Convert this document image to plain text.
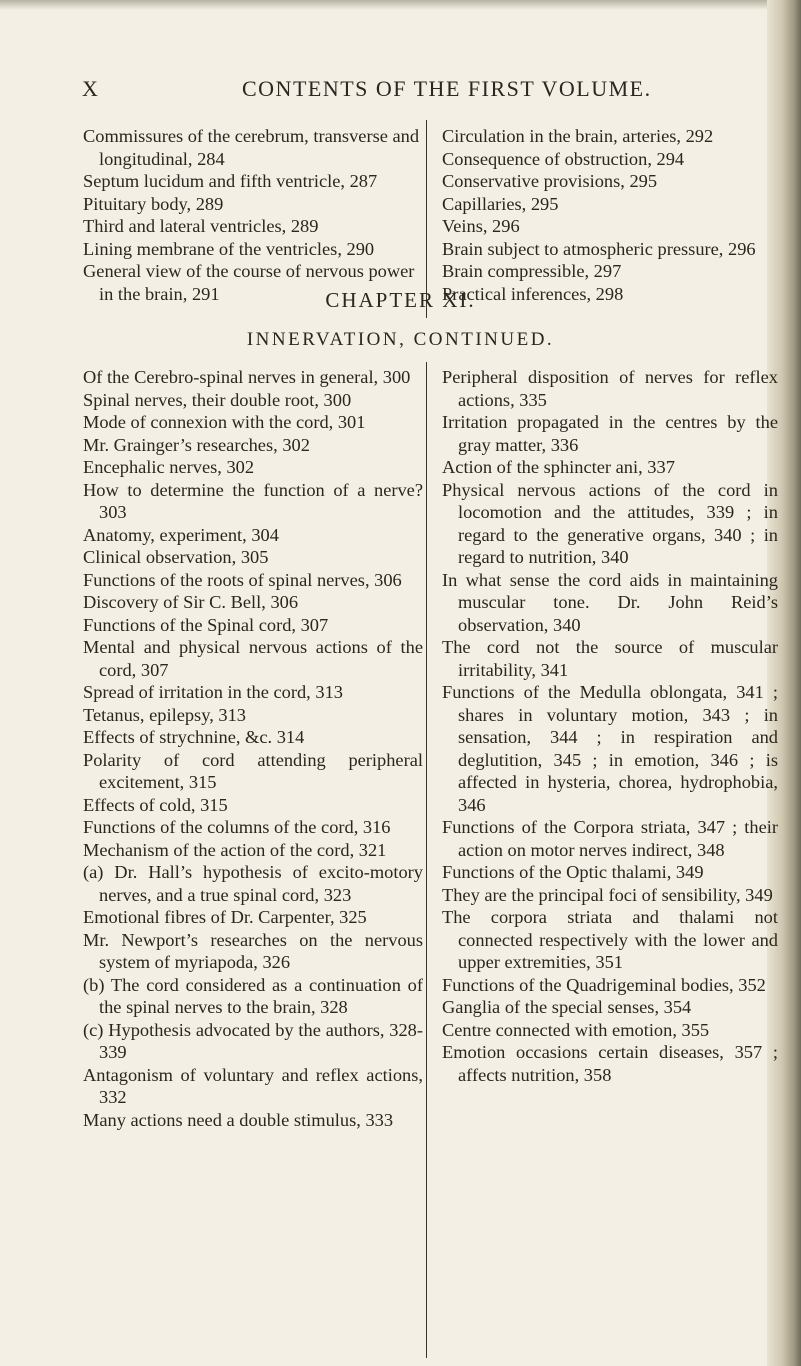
X	CONTENTS OF THE FIRST VOLUME.
Commissures of the cerebrum, transverse and longitudinal, 284
Septum lucidum and fifth ventricle, 287
Pituitary body, 289
Third and lateral ventricles, 289
Lining membrane of the ventricles, 290
General view of the course of nervous power in the brain, 291
Circulation in the brain, arteries, 292
Consequence of obstruction, 294
Conservative provisions, 295
Capillaries, 295
Veins, 296
Brain subject to atmospheric pressure, 296
Brain compressible, 297
Practical inferences, 298
CHAPTER XI.
INNERVATION, CONTINUED.
Of the Cerebro-spinal nerves in general, 300
Spinal nerves, their double root, 300
Mode of connexion with the cord, 301
Mr. Grainger’s researches, 302
Encephalic nerves, 302
How to determine the function of a nerve? 303
Anatomy, experiment, 304
Clinical observation, 305
Functions of the roots of spinal nerves, 306
Discovery of Sir C. Bell, 306
Functions of the Spinal cord, 307
Mental and physical nervous actions of the cord, 307
Spread of irritation in the cord, 313
Tetanus, epilepsy, 313
Effects of strychnine, &c. 314
Polarity of cord attending peripheral excitement, 315
Effects of cold, 315
Functions of the columns of the cord, 316
Mechanism of the action of the cord, 321
(a) Dr. Hall’s hypothesis of excito-motory nerves, and a true spinal cord, 323
Emotional fibres of Dr. Carpenter, 325
Mr. Newport’s researches on the nervous system of myriapoda, 326
(b) The cord considered as a continuation of the spinal nerves to the brain, 328
(c) Hypothesis advocated by the authors, 328-339
Antagonism of voluntary and reflex actions, 332
Many actions need a double stimulus, 333
Peripheral disposition of nerves for reflex actions, 335
Irritation propagated in the centres by the gray matter, 336
Action of the sphincter ani, 337
Physical nervous actions of the cord in locomotion and the attitudes, 339 ; in regard to the generative organs, 340 ; in regard to nutrition, 340
In what sense the cord aids in maintaining muscular tone. Dr. John Reid’s observation, 340
The cord not the source of muscular irritability, 341
Functions of the Medulla oblongata, 341 ; shares in voluntary motion, 343 ; in sensation, 344 ; in respiration and deglutition, 345 ; in emotion, 346 ; is affected in hysteria, chorea, hydrophobia, 346
Functions of the Corpora striata, 347 ; their action on motor nerves indirect, 348
Functions of the Optic thalami, 349
They are the principal foci of sensibility, 349
The corpora striata and thalami not connected respectively with the lower and upper extremities, 351
Functions of the Quadrigeminal bodies, 352
Ganglia of the special senses, 354
Centre connected with emotion, 355
Emotion occasions certain diseases, 357 ; affects nutrition, 358
